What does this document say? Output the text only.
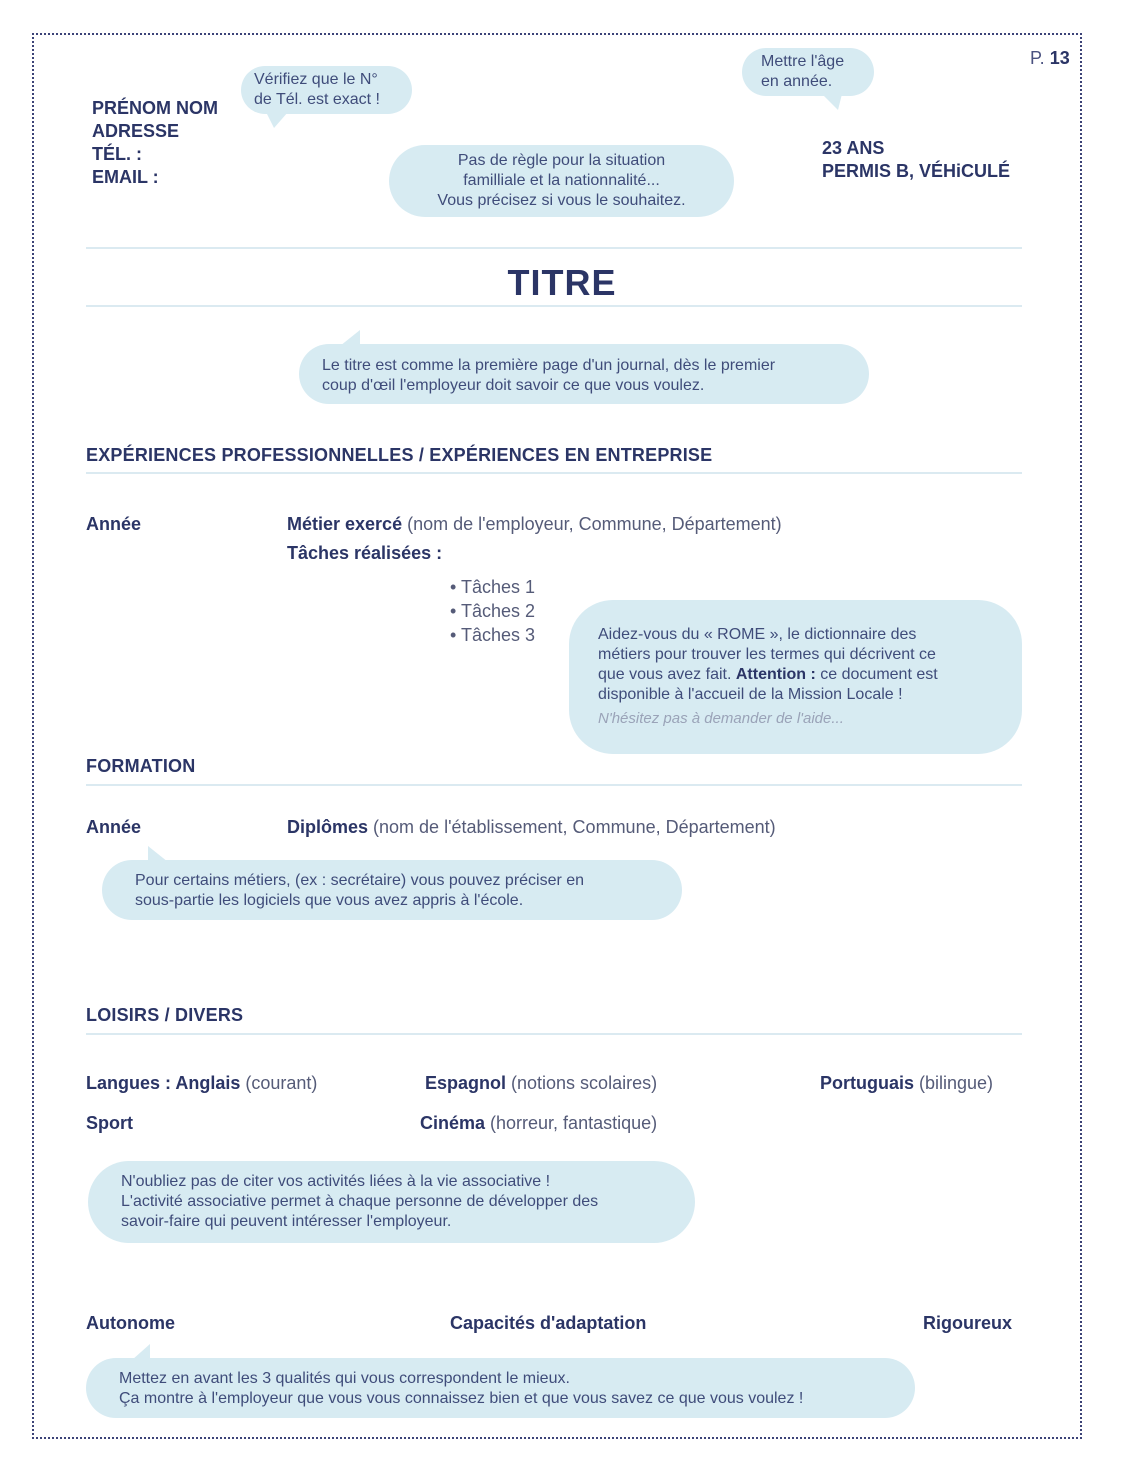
P. 13
PRÉNOM NOM
ADRESSE
TÉL. :
EMAIL :
Vérifiez que le N°
de Tél. est exact !
Mettre l'âge
en année.
23 ANS
PERMIS B, VÉHiCULÉ
Pas de règle pour la situation
familliale et la nationnalité...
Vous précisez si vous le souhaitez.
TITRE
Le titre est comme la première page d'un journal, dès le premier
coup d'œil l'employeur doit savoir ce que vous voulez.
EXPÉRIENCES PROFESSIONNELLES / EXPÉRIENCES EN ENTREPRISE
Année	Métier exercé (nom de l'employeur, Commune, Département)
Tâches réalisées :
• Tâches 1
• Tâches 2
• Tâches 3	Aidez-vous du « ROME », le dictionnaire des
métiers pour trouver les termes qui décrivent ce
que vous avez fait. Attention : ce document est
disponible à l'accueil de la Mission Locale !
N'hésitez pas à demander de l'aide...
FORMATION
Année	Diplômes (nom de l'établissement, Commune, Département)
Pour certains métiers, (ex : secrétaire) vous pouvez préciser en
sous-partie les logiciels que vous avez appris à l'école.
LOISIRS / DIVERS
Langues : Anglais (courant)	Espagnol (notions scolaires)	Portuguais (bilingue)
Sport	Cinéma (horreur, fantastique)
N'oubliez pas de citer vos activités liées à la vie associative !
L'activité associative permet à chaque personne de développer des
savoir-faire qui peuvent intéresser l'employeur.
Autonome	Capacités d'adaptation	Rigoureux
Mettez en avant les 3 qualités qui vous correspondent le mieux.
Ça montre à l'employeur que vous vous connaissez bien et que vous savez ce que vous voulez !
